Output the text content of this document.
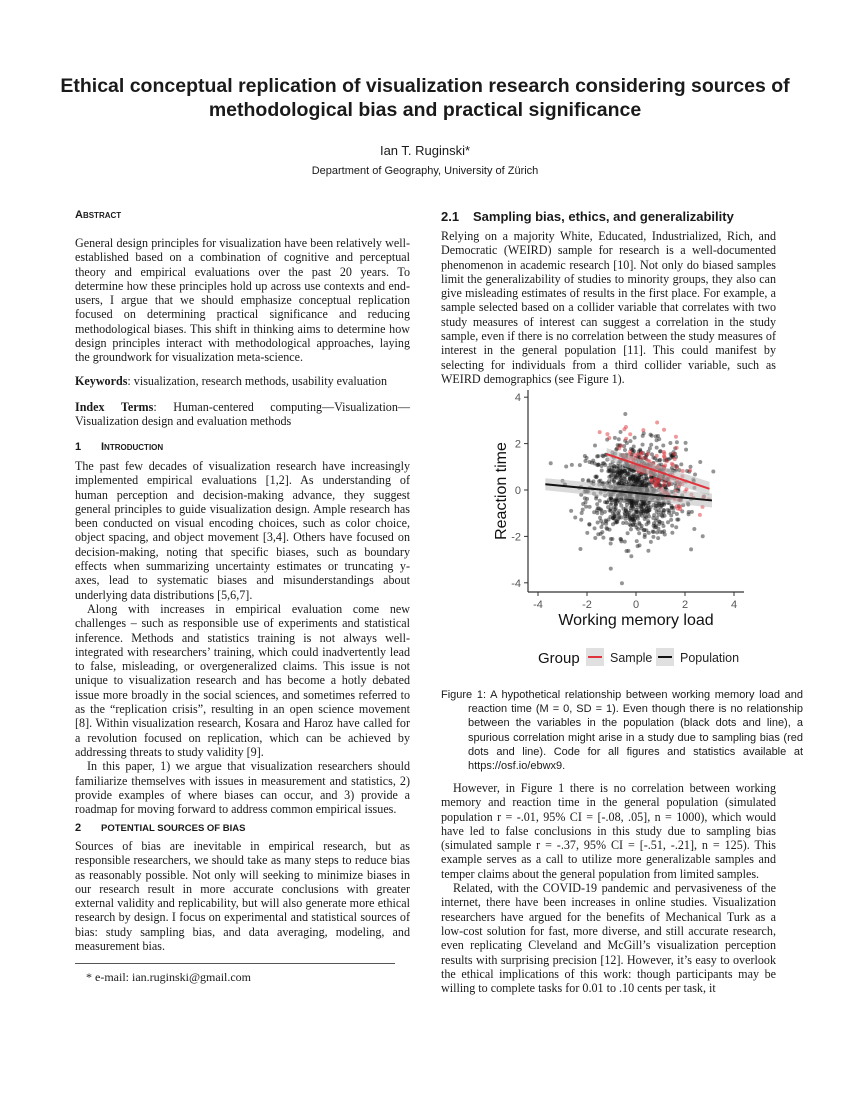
Ethical conceptual replication of visualization research considering sources of methodological bias and practical significance
Ian T. Ruginski*
Department of Geography, University of Zürich
Abstract

General design principles for visualization have been relatively well-established based on a combination of cognitive and perceptual theory and empirical evaluations over the past 20 years. To determine how these principles hold up across use contexts and end-users, I argue that we should emphasize conceptual replication focused on determining practical significance and reducing methodological biases. This shift in thinking aims to determine how design principles interact with methodological approaches, laying the groundwork for visualization meta-science.

Keywords: visualization, research methods, usability evaluation

Index Terms: Human-centered computing—Visualization—Visualization design and evaluation methods

1 Introduction

The past few decades of visualization research have increasingly implemented empirical evaluations [1,2]. As understanding of human perception and decision-making advance, they suggest general principles to guide visualization design. Ample research has been conducted on visual encoding choices, such as color choice, object spacing, and object movement [3,4]. Others have focused on decision-making, noting that specific biases, such as boundary effects when summarizing uncertainty estimates or truncating y-axes, lead to systematic biases and misunderstandings about underlying data distributions [5,6,7].

Along with increases in empirical evaluation come new challenges – such as responsible use of experiments and statistical inference. Methods and statistics training is not always well-integrated with researchers’ training, which could inadvertently lead to false, misleading, or overgeneralized claims. This issue is not unique to visualization research and has become a hotly debated issue more broadly in the social sciences, and sometimes referred to as the “replication crisis”, resulting in an open science movement [8]. Within visualization research, Kosara and Haroz have called for a revolution focused on replication, which can be achieved by addressing threats to study validity [9].

In this paper, 1) we argue that visualization researchers should familiarize themselves with issues in measurement and statistics, 2) provide examples of where biases can occur, and 3) provide a roadmap for moving forward to address common empirical issues.

2 POTENTIAL SOURCES OF BIAS

Sources of bias are inevitable in empirical research, but as responsible researchers, we should take as many steps to reduce bias as reasonably possible. Not only will seeking to minimize biases in our research result in more accurate conclusions with greater external validity and replicability, but will also generate more ethical research by design. I focus on experimental and statistical sources of bias: study sampling bias, and data averaging, modeling, and measurement bias.

* e-mail: ian.ruginski@gmail.com
2.1 Sampling bias, ethics, and generalizability

Relying on a majority White, Educated, Industrialized, Rich, and Democratic (WEIRD) sample for research is a well-documented phenomenon in academic research [10]. Not only do biased samples limit the generalizability of studies to minority groups, they also can give misleading estimates of results in the first place. For example, a sample selected based on a collider variable that correlates with two study measures of interest can suggest a correlation in the study sample, even if there is no correlation between the study measures of interest in the general population [11]. This could manifest by selecting for individuals from a third collider variable, such as WEIRD demographics (see Figure 1).

-4	-2	0	2	4
4
2
0
-2
-4
Working memory load
Reaction time
Group Sample Population

Figure 1: A hypothetical relationship between working memory load and reaction time (M = 0, SD = 1). Even though there is no relationship between the variables in the population (black dots and line), a spurious correlation might arise in a study due to sampling bias (red dots and line). Code for all figures and statistics available at https://osf.io/ebwx9.

However, in Figure 1 there is no correlation between working memory and reaction time in the general population (simulated population r = -.01, 95% CI = [-.08, .05], n = 1000), which would have led to false conclusions in this study due to sampling bias (simulated sample r = -.37, 95% CI = [-.51, -.21], n = 125). This example serves as a call to utilize more generalizable samples and temper claims about the general population from limited samples.

Related, with the COVID-19 pandemic and pervasiveness of the internet, there have been increases in online studies. Visualization researchers have argued for the benefits of Mechanical Turk as a low-cost solution for fast, more diverse, and still accurate research, even replicating Cleveland and McGill’s visualization perception results with surprising precision [12]. However, it’s easy to overlook the ethical implications of this work: though participants may be willing to complete tasks for 0.01 to .10 cents per task, it
